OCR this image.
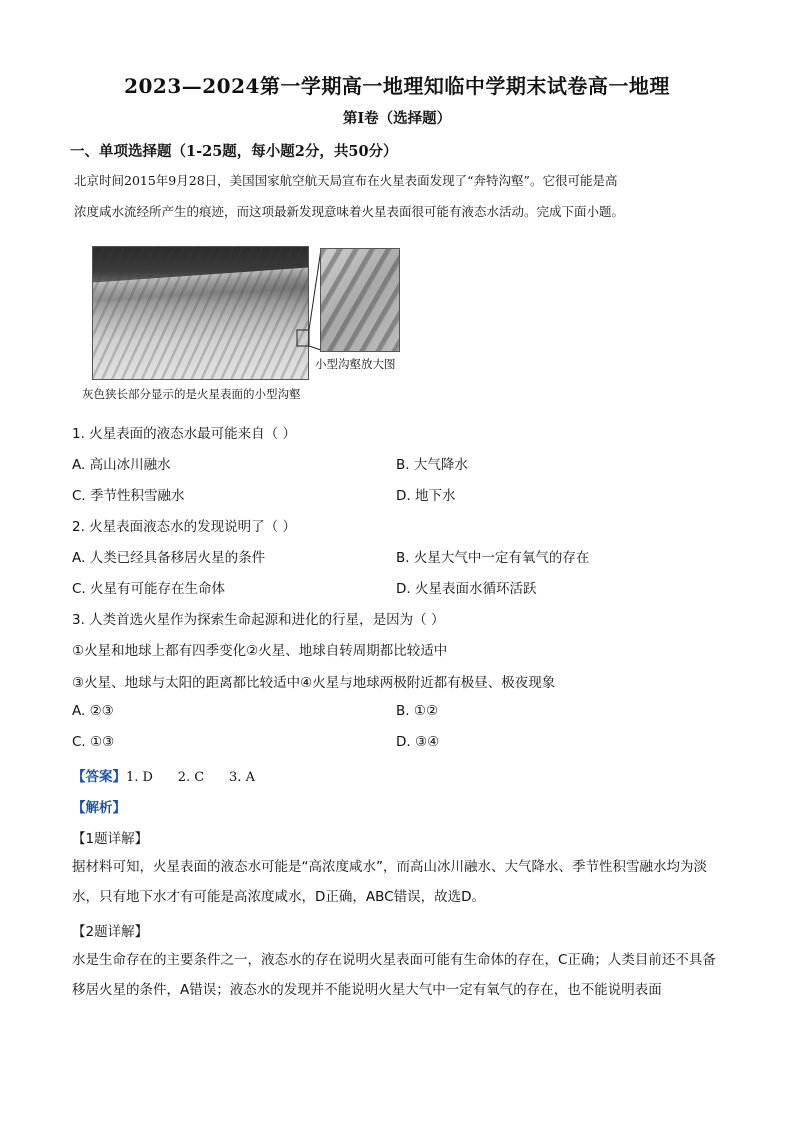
2023—2024第一学期高一地理知临中学期末试卷高一地理
第I卷（选择题）
一、单项选择题（1-25题，每小题2分，共50分）
北京时间2015年9月28日，美国国家航空航天局宣布在火星表面发现了“奔特沟壑”。它很可能是高
浓度咸水流经所产生的痕迹，而这项最新发现意味着火星表面很可能有液态水活动。完成下面小题。
小型沟壑放大图
灰色狭长部分显示的是火星表面的小型沟壑
1. 火星表面的液态水最可能来自（ ）
A. 高山冰川融水	B. 大气降水
C. 季节性积雪融水	D. 地下水
2. 火星表面液态水的发现说明了（ ）
A. 人类已经具备移居火星的条件	B. 火星大气中一定有氧气的存在
C. 火星有可能存在生命体	D. 火星表面水循环活跃
3. 人类首选火星作为探索生命起源和进化的行星，是因为（ ）
①火星和地球上都有四季变化②火星、地球自转周期都比较适中
③火星、地球与太阳的距离都比较适中④火星与地球两极附近都有极昼、极夜现象
A. ②③	B. ①②
C. ①③	D. ③④
【答案】1. D      2. C      3. A
【解析】
【1题详解】
据材料可知，火星表面的液态水可能是“高浓度咸水”，而高山冰川融水、大气降水、季节性积雪融水均为淡水，只有地下水才有可能是高浓度咸水，D正确，ABC错误，故选D。
【2题详解】
水是生命存在的主要条件之一，液态水的存在说明火星表面可能有生命体的存在，C正确；人类目前还不具备移居火星的条件，A错误；液态水的发现并不能说明火星大气中一定有氧气的存在，也不能说明表面
